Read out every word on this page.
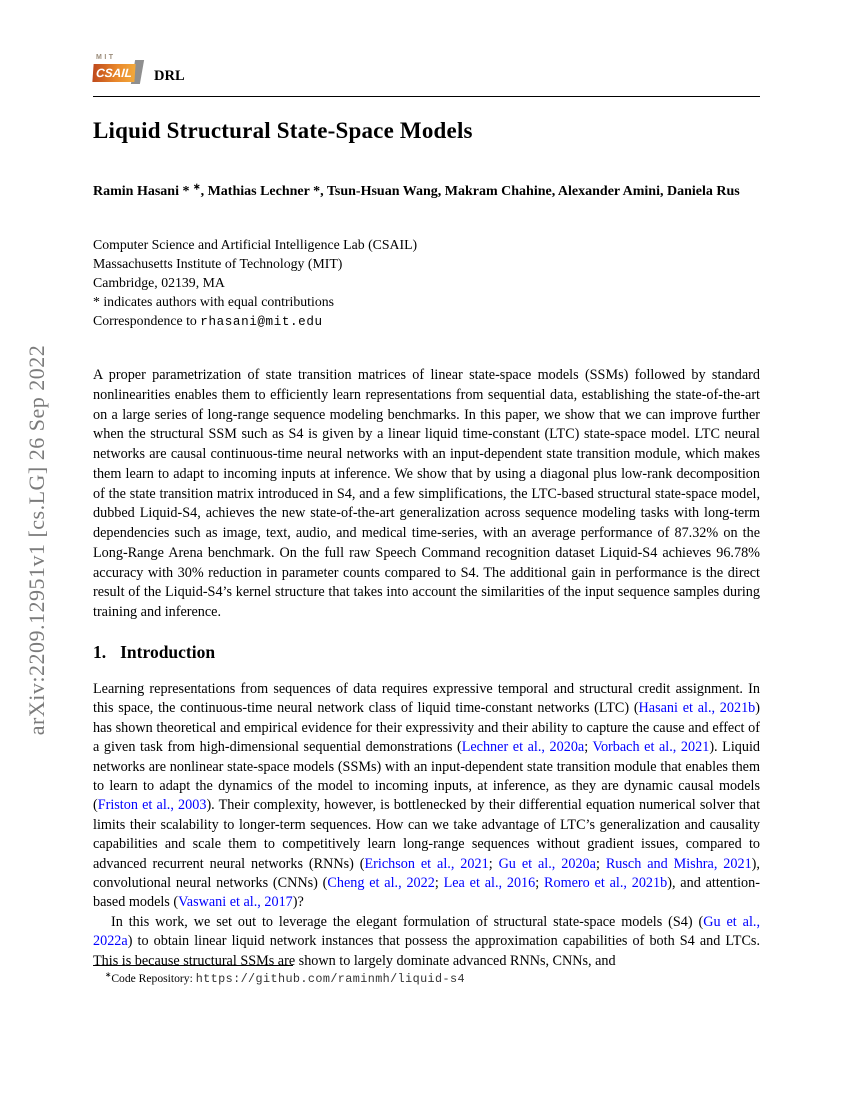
arXiv:2209.12951v1 [cs.LG] 26 Sep 2022
MIT
CSAIL DRL
Liquid Structural State-Space Models
Ramin Hasani * ∗, Mathias Lechner *, Tsun-Hsuan Wang, Makram Chahine, Alexander Amini, Daniela Rus
Computer Science and Artificial Intelligence Lab (CSAIL)
Massachusetts Institute of Technology (MIT)
Cambridge, 02139, MA
* indicates authors with equal contributions
Correspondence to rhasani@mit.edu
A proper parametrization of state transition matrices of linear state-space models (SSMs) followed by standard nonlinearities enables them to efficiently learn representations from sequential data, establishing the state-of-the-art on a large series of long-range sequence modeling benchmarks. In this paper, we show that we can improve further when the structural SSM such as S4 is given by a linear liquid time-constant (LTC) state-space model. LTC neural networks are causal continuous-time neural networks with an input-dependent state transition module, which makes them learn to adapt to incoming inputs at inference. We show that by using a diagonal plus low-rank decomposition of the state transition matrix introduced in S4, and a few simplifications, the LTC-based structural state-space model, dubbed Liquid-S4, achieves the new state-of-the-art generalization across sequence modeling tasks with long-term dependencies such as image, text, audio, and medical time-series, with an average performance of 87.32% on the Long-Range Arena benchmark. On the full raw Speech Command recognition dataset Liquid-S4 achieves 96.78% accuracy with 30% reduction in parameter counts compared to S4. The additional gain in performance is the direct result of the Liquid-S4’s kernel structure that takes into account the similarities of the input sequence samples during training and inference.
1. Introduction

Learning representations from sequences of data requires expressive temporal and structural credit assignment. In this space, the continuous-time neural network class of liquid time-constant networks (LTC) (Hasani et al., 2021b) has shown theoretical and empirical evidence for their expressivity and their ability to capture the cause and effect of a given task from high-dimensional sequential demonstrations (Lechner et al., 2020a; Vorbach et al., 2021). Liquid networks are nonlinear state-space models (SSMs) with an input-dependent state transition module that enables them to learn to adapt the dynamics of the model to incoming inputs, at inference, as they are dynamic causal models (Friston et al., 2003). Their complexity, however, is bottlenecked by their differential equation numerical solver that limits their scalability to longer-term sequences. How can we take advantage of LTC’s generalization and causality capabilities and scale them to competitively learn long-range sequences without gradient issues, compared to advanced recurrent neural networks (RNNs) (Erichson et al., 2021; Gu et al., 2020a; Rusch and Mishra, 2021), convolutional neural networks (CNNs) (Cheng et al., 2022; Lea et al., 2016; Romero et al., 2021b), and attention-based models (Vaswani et al., 2017)?

In this work, we set out to leverage the elegant formulation of structural state-space models (S4) (Gu et al., 2022a) to obtain linear liquid network instances that possess the approximation capabilities of both S4 and LTCs. This is because structural SSMs are shown to largely dominate advanced RNNs, CNNs, and

∗Code Repository: https://github.com/raminmh/liquid-s4
